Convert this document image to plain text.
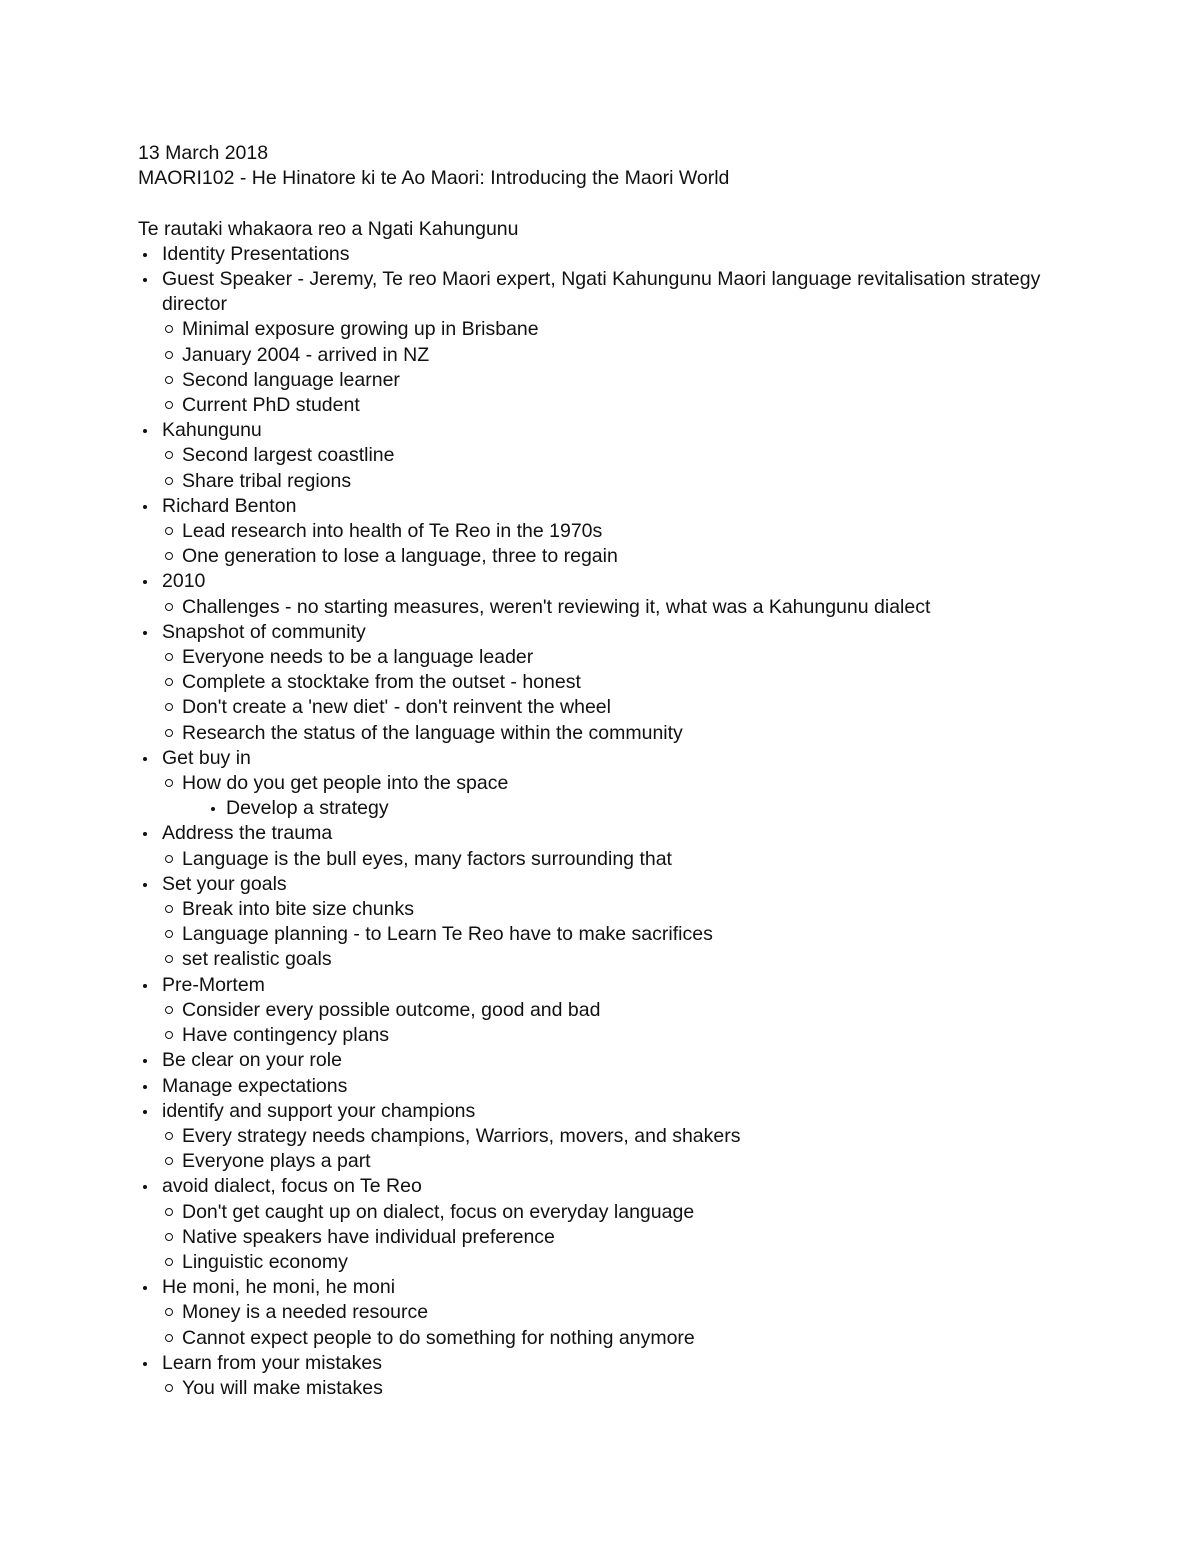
13 March 2018

MAORI102 - He Hinatore ki te Ao Maori: Introducing the Maori World

Te rautaki whakaora reo a Ngati Kahungunu

Identity Presentations
Guest Speaker - Jeremy, Te reo Maori expert, Ngati Kahungunu Maori language revitalisation strategy director
Minimal exposure growing up in Brisbane
January 2004 - arrived in NZ
Second language learner
Current PhD student
Kahungunu
Second largest coastline
Share tribal regions
Richard Benton
Lead research into health of Te Reo in the 1970s
One generation to lose a language, three to regain
2010
Challenges - no starting measures, weren't reviewing it, what was a Kahungunu dialect
Snapshot of community
Everyone needs to be a language leader
Complete a stocktake from the outset - honest
Don't create a 'new diet' - don't reinvent the wheel
Research the status of the language within the community
Get buy in
How do you get people into the space
Develop a strategy
Address the trauma
Language is the bull eyes, many factors surrounding that
Set your goals
Break into bite size chunks
Language planning - to Learn Te Reo have to make sacrifices
set realistic goals
Pre-Mortem
Consider every possible outcome, good and bad
Have contingency plans
Be clear on your role
Manage expectations
identify and support your champions
Every strategy needs champions, Warriors, movers, and shakers
Everyone plays a part
avoid dialect, focus on Te Reo
Don't get caught up on dialect, focus on everyday language
Native speakers have individual preference
Linguistic economy
He moni, he moni, he moni
Money is a needed resource
Cannot expect people to do something for nothing anymore
Learn from your mistakes
You will make mistakes
